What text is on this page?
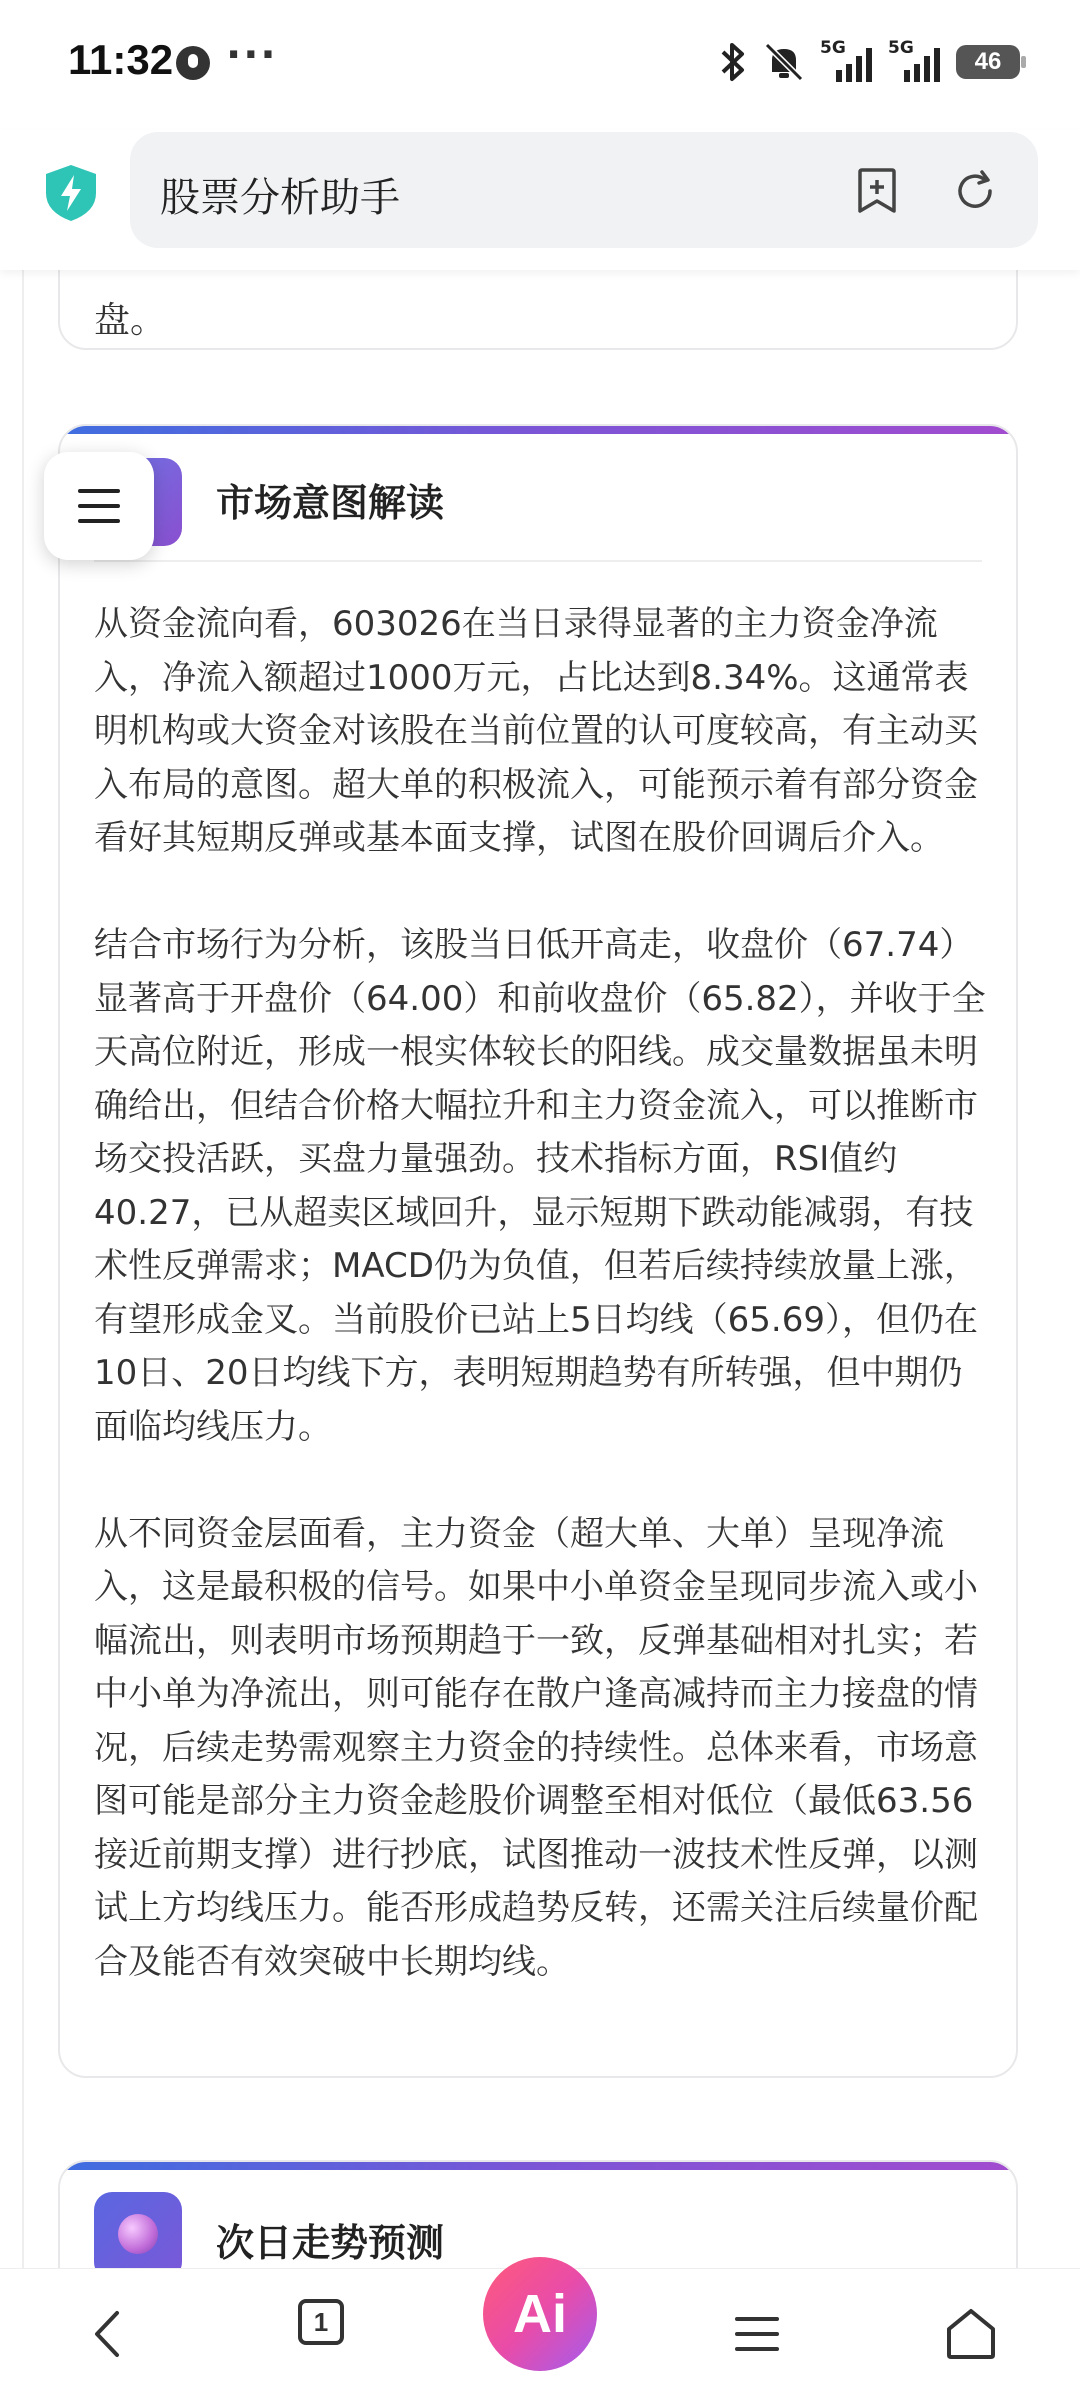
11:32 ···	5G 5G	46
股票分析助手
盘。
市场意图解读

从资金流向看，603026在当日录得显著的主力资金净流入，净流入额超过1000万元，占比达到8.34%。这通常表明机构或大资金对该股在当前位置的认可度较高，有主动买入布局的意图。超大单的积极流入，可能预示着有部分资金看好其短期反弹或基本面支撑，试图在股价回调后介入。

结合市场行为分析，该股当日低开高走，收盘价（67.74）显著高于开盘价（64.00）和前收盘价（65.82），并收于全天高位附近，形成一根实体较长的阳线。成交量数据虽未明确给出，但结合价格大幅拉升和主力资金流入，可以推断市场交投活跃，买盘力量强劲。技术指标方面，RSI值约40.27，已从超卖区域回升，显示短期下跌动能减弱，有技术性反弹需求；MACD仍为负值，但若后续持续放量上涨，有望形成金叉。当前股价已站上5日均线（65.69），但仍在10日、20日均线下方，表明短期趋势有所转强，但中期仍面临均线压力。

从不同资金层面看，主力资金（超大单、大单）呈现净流入，这是最积极的信号。如果中小单资金呈现同步流入或小幅流出，则表明市场预期趋于一致，反弹基础相对扎实；若中小单为净流出，则可能存在散户逢高减持而主力接盘的情况，后续走势需观察主力资金的持续性。总体来看，市场意图可能是部分主力资金趁股价调整至相对低位（最低63.56接近前期支撑）进行抄底，试图推动一波技术性反弹，以测试上方均线压力。能否形成趋势反转，还需关注后续量价配合及能否有效突破中长期均线。

次日走势预测
1	Ai
